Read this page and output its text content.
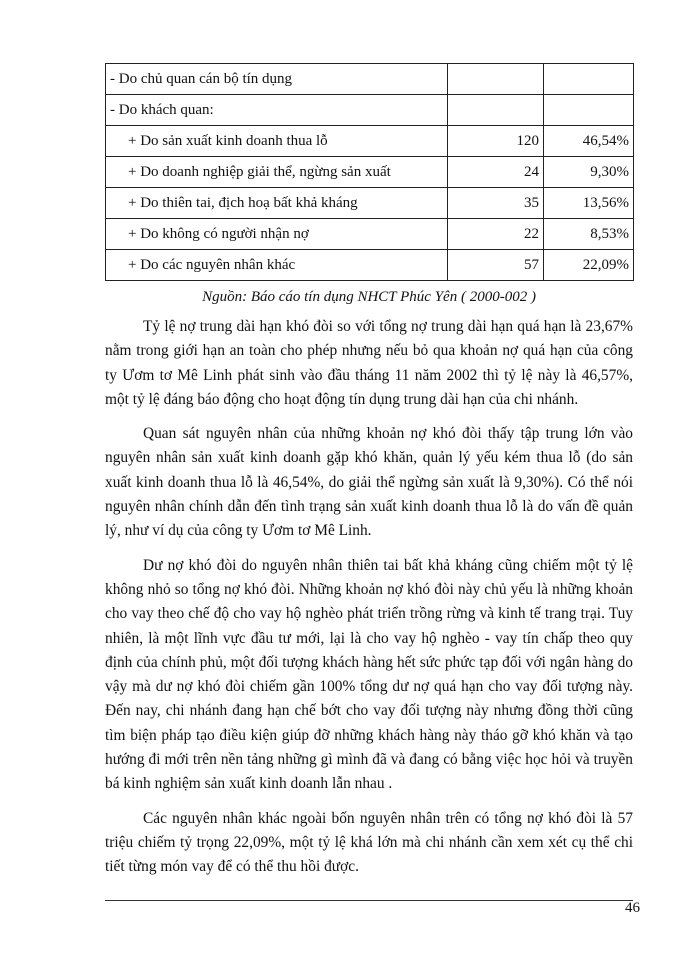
- Do chủ quan cán bộ tín dụng		
- Do khách quan:		
+ Do sản xuất kinh doanh thua lỗ	120	46,54%
+ Do doanh nghiệp giải thể, ngừng sản xuất	24	9,30%
+ Do thiên tai, địch hoạ bất khả kháng	35	13,56%
+ Do không có người nhận nợ	22	8,53%
+ Do các nguyên nhân khác	57	22,09%
Nguồn: Báo cáo tín dụng NHCT Phúc Yên ( 2000-002 )

Tỷ lệ nợ trung dài hạn khó đòi so với tổng nợ trung dài hạn quá hạn là 23,67% nằm trong giới hạn an toàn cho phép nhưng nếu bỏ qua khoản nợ quá hạn của công ty Ươm tơ Mê Linh phát sinh vào đầu tháng 11 năm 2002 thì tỷ lệ này là 46,57%, một tỷ lệ đáng báo động cho hoạt động tín dụng trung dài hạn của chi nhánh.

Quan sát nguyên nhân của những khoản nợ khó đòi thấy tập trung lớn vào nguyên nhân sản xuất kinh doanh gặp khó khăn, quản lý yếu kém thua lỗ (do sản xuất kinh doanh thua lỗ là 46,54%, do giải thể ngừng sản xuất là 9,30%). Có thể nói nguyên nhân chính dẫn đến tình trạng sản xuất kinh doanh thua lỗ là do vấn đề quản lý, như ví dụ của công ty Ươm tơ Mê Linh.

Dư nợ khó đòi do nguyên nhân thiên tai bất khả kháng cũng chiếm một tỷ lệ không nhỏ so tổng nợ khó đòi. Những khoản nợ khó đòi này chủ yếu là những khoản cho vay theo chế độ cho vay hộ nghèo phát triển trồng rừng và kinh tế trang trại. Tuy nhiên, là một lĩnh vực đầu tư mới, lại là cho vay hộ nghèo - vay tín chấp theo quy định của chính phủ, một đối tượng khách hàng hết sức phức tạp đối với ngân hàng do vậy mà dư nợ khó đòi chiếm gần 100% tổng dư nợ quá hạn cho vay đối tượng này. Đến nay, chi nhánh đang hạn chế bớt cho vay đối tượng này nhưng đồng thời cũng tìm biện pháp tạo điều kiện giúp đỡ những khách hàng này tháo gỡ khó khăn và tạo hướng đi mới trên nền tảng những gì mình đã và đang có bằng việc học hỏi và truyền bá kinh nghiệm sản xuất kinh doanh lẫn nhau .

Các nguyên nhân khác ngoài bốn nguyên nhân trên có tổng nợ khó đòi là 57 triệu chiếm tỷ trọng 22,09%, một tỷ lệ khá lớn mà chi nhánh cần xem xét cụ thể chi tiết từng món vay để có thể thu hồi được.

46
